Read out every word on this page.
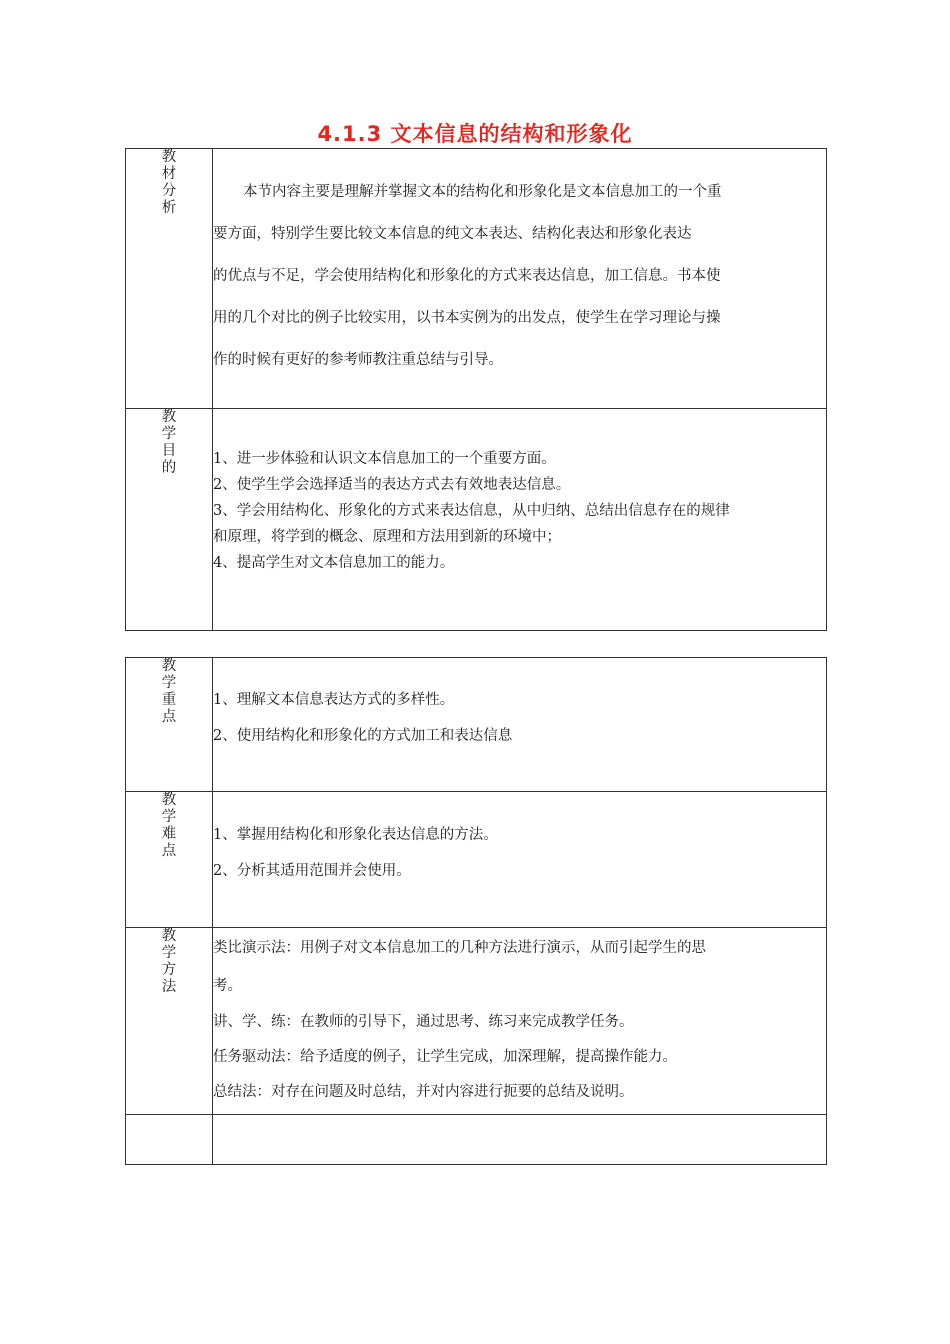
4.1.3 文本信息的结构和形象化
教材分析	本节内容主要是理解并掌握文本的结构化和形象化是文本信息加工的一个重
要方面，特别学生要比较文本信息的纯文本表达、结构化表达和形象化表达
的优点与不足，学会使用结构化和形象化的方式来表达信息，加工信息。书本使
用的几个对比的例子比较实用，以书本实例为的出发点，使学生在学习理论与操
作的时候有更好的参考师教注重总结与引导。

教学目的	1、进一步体验和认识文本信息加工的一个重要方面。
2、使学生学会选择适当的表达方式去有效地表达信息。
3、学会用结构化、形象化的方式来表达信息，从中归纳、总结出信息存在的规律
和原理，将学到的概念、原理和方法用到新的环境中；
4、提高学生对文本信息加工的能力。
教学重点	1、理解文本信息表达方式的多样性。
2、使用结构化和形象化的方式加工和表达信息

教学难点	1、掌握用结构化和形象化表达信息的方法。
2、分析其适用范围并会使用。

教学方法	类比演示法：用例子对文本信息加工的几种方法进行演示，从而引起学生的思
考。
讲、学、练：在教师的引导下，通过思考、练习来完成教学任务。
任务驱动法：给予适度的例子，让学生完成，加深理解，提高操作能力。
总结法：对存在问题及时总结，并对内容进行扼要的总结及说明。
